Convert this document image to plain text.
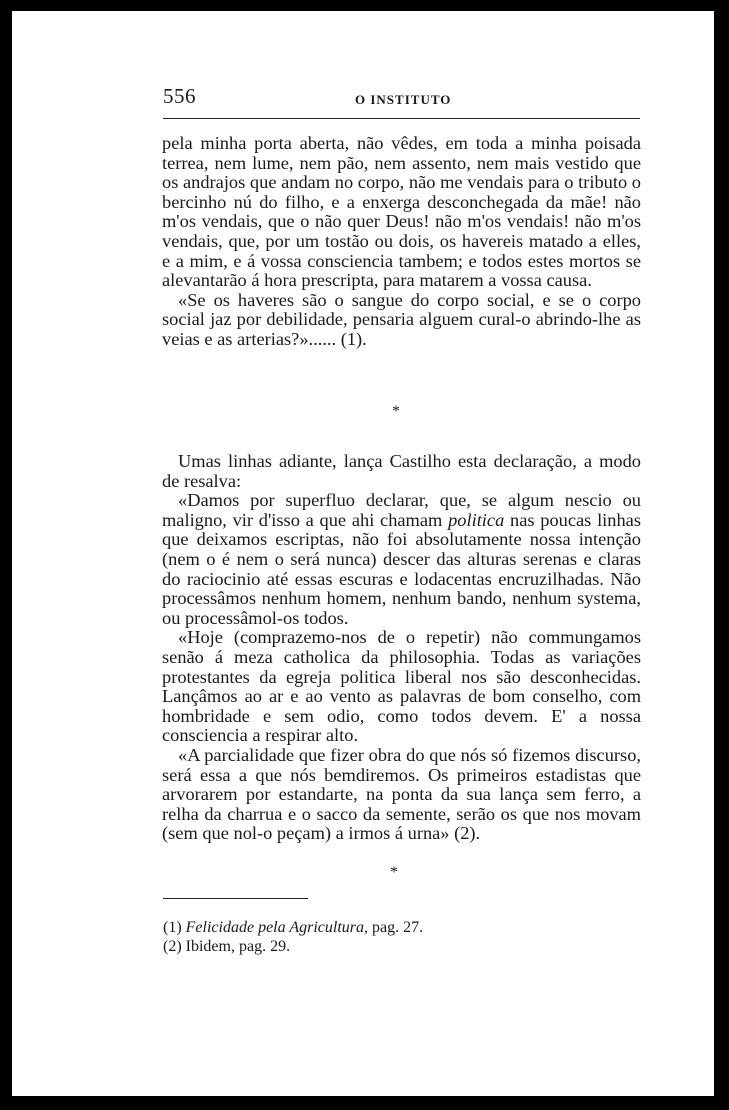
556	O INSTITUTO

pela minha porta aberta, não vêdes, em toda a minha poisada terrea, nem lume, nem pão, nem assento, nem mais vestido que os andrajos que andam no corpo, não me vendais para o tributo o bercinho nú do filho, e a enxerga desconchegada da mãe! não m'os vendais, que o não quer Deus! não m'os vendais! não m'os vendais, que, por um tostão ou dois, os havereis matado a elles, e a mim, e á vossa consciencia tambem; e todos estes mortos se alevantarão á hora prescripta, para matarem a vossa causa.

«Se os haveres são o sangue do corpo social, e se o corpo social jaz por debilidade, pensaria alguem cural-o abrindo-lhe as veias e as arterias?»...... (1).

*

Umas linhas adiante, lança Castilho esta declaração, a modo de resalva:

«Damos por superfluo declarar, que, se algum nescio ou maligno, vir d'isso a que ahi chamam politica nas poucas linhas que deixamos escriptas, não foi absolutamente nossa intenção (nem o é nem o será nunca) descer das alturas serenas e claras do raciocinio até essas escuras e lodacentas encruzilhadas. Não processâmos nenhum homem, nenhum bando, nenhum systema, ou processâmol-os todos.

«Hoje (comprazemo-nos de o repetir) não commungamos senão á meza catholica da philosophia. Todas as variações protestantes da egreja politica liberal nos são desconhecidas. Lançâmos ao ar e ao vento as palavras de bom conselho, com hombridade e sem odio, como todos devem. E' a nossa consciencia a respirar alto.

«A parcialidade que fizer obra do que nós só fizemos discurso, será essa a que nós bemdiremos. Os primeiros estadistas que arvorarem por estandarte, na ponta da sua lança sem ferro, a relha da charrua e o sacco da semente, serão os que nos movam (sem que nol-o peçam) a irmos á urna» (2).

*
(1) Felicidade pela Agricultura, pag. 27.
(2) Ibidem, pag. 29.
